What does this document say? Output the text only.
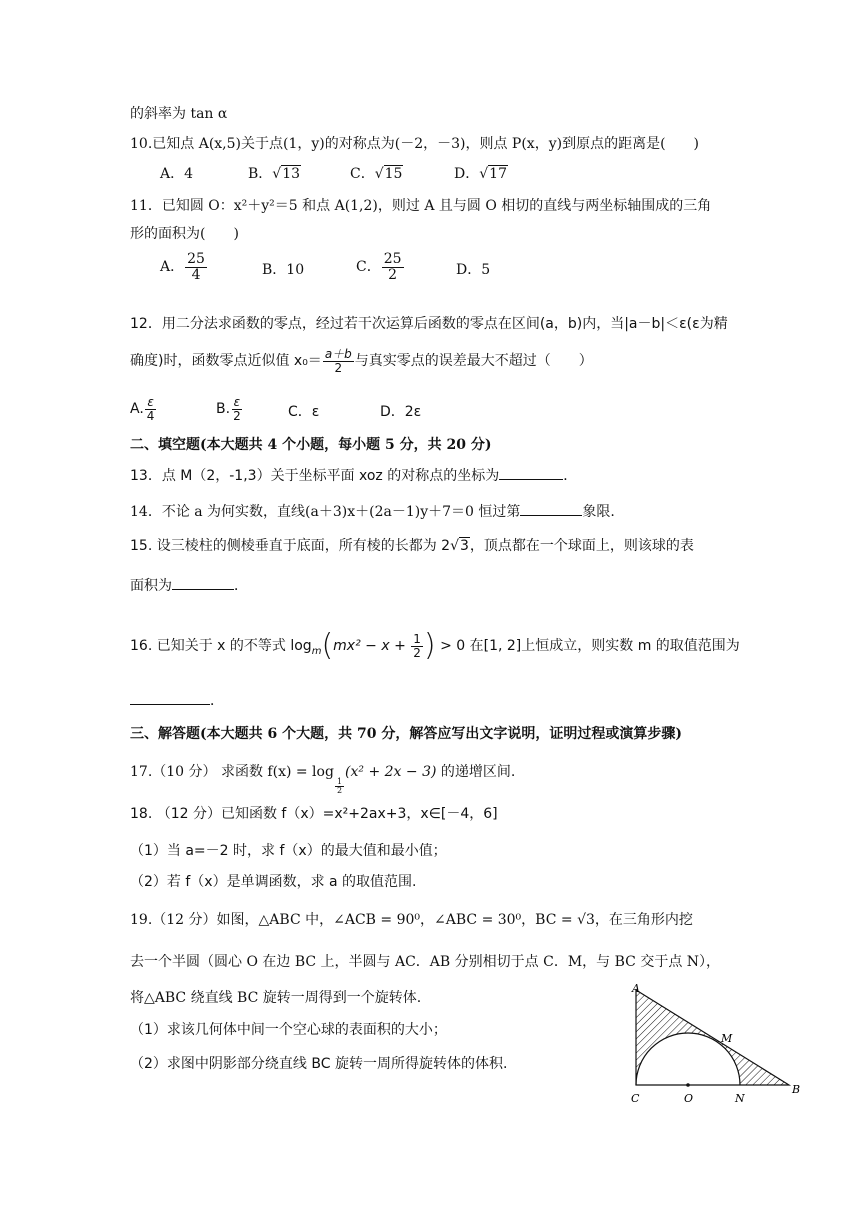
的斜率为 tan α
10.已知点 A(x,5)关于点(1，y)的对称点为(－2，－3)，则点 P(x，y)到原点的距离是(　　)
A．4	B．√13	C．√15	D．√17
11．已知圆 O：x²＋y²＝5 和点 A(1,2)，则过 A 且与圆 O 相切的直线与两坐标轴围成的三角
形的面积为(　　)
A． $\frac{25}{4}$	B．10	C． $\frac{25}{2}$	D．5
12．用二分法求函数的零点，经过若干次运算后函数的零点在区间(a，b)内，当|a－b|＜ε(ε为精
确度)时，函数零点近似值 $x_0= \frac{a+b}{2}$ 与真实零点的误差最大不超过（　　）
A. $\frac{\varepsilon}{4}$	B. $\frac{\varepsilon}{2}$	C．ε	D．2ε
二、填空题(本大题共 4 个小题，每小题 5 分，共 20 分)
13．点 M（2，-1,3）关于坐标平面 xoz 的对称点的坐标为	．
14．不论 a 为何实数，直线(a＋3)x＋(2a－1)y＋7＝0 恒过第	象限.
15. 设三棱柱的侧棱垂直于底面，所有棱的长都为 2√3，顶点都在一个球面上，则该球的表
面积为	．
16. 已知关于 x 的不等式 $\log_m(mx^2 - x + \frac{1}{2}$ ) > 0 在[1, 2]上恒成立，则实数 m 的取值范围为
．
三、解答题(本大题共 6 个大题，共 70 分，解答应写出文字说明，证明过程或演算步骤)
17.（10 分） 求函数 f(x) = log
$\frac{1}{2}$
(x² + 2x − 3) 的递增区间.
18. （12 分）已知函数 f（x）=x²+2ax+3，x∈[－4，6]
（1）当 a=－2 时，求 f（x）的最大值和最小值；
（2）若 f（x）是单调函数，求 a 的取值范围.
19.（12 分）如图，△ABC 中，∠ACB = 90⁰，∠ABC = 30⁰，BC = √3，在三角形内挖
去一个半圆（圆心 O 在边 BC 上，半圆与 AC．AB 分别相切于点 C．M，与 BC 交于点 N），
将△ABC 绕直线 BC 旋转一周得到一个旋转体.
（1）求该几何体中间一个空心球的表面积的大小；
（2）求图中阴影部分绕直线 BC 旋转一周所得旋转体的体积.
A
M
B
C	O	N
